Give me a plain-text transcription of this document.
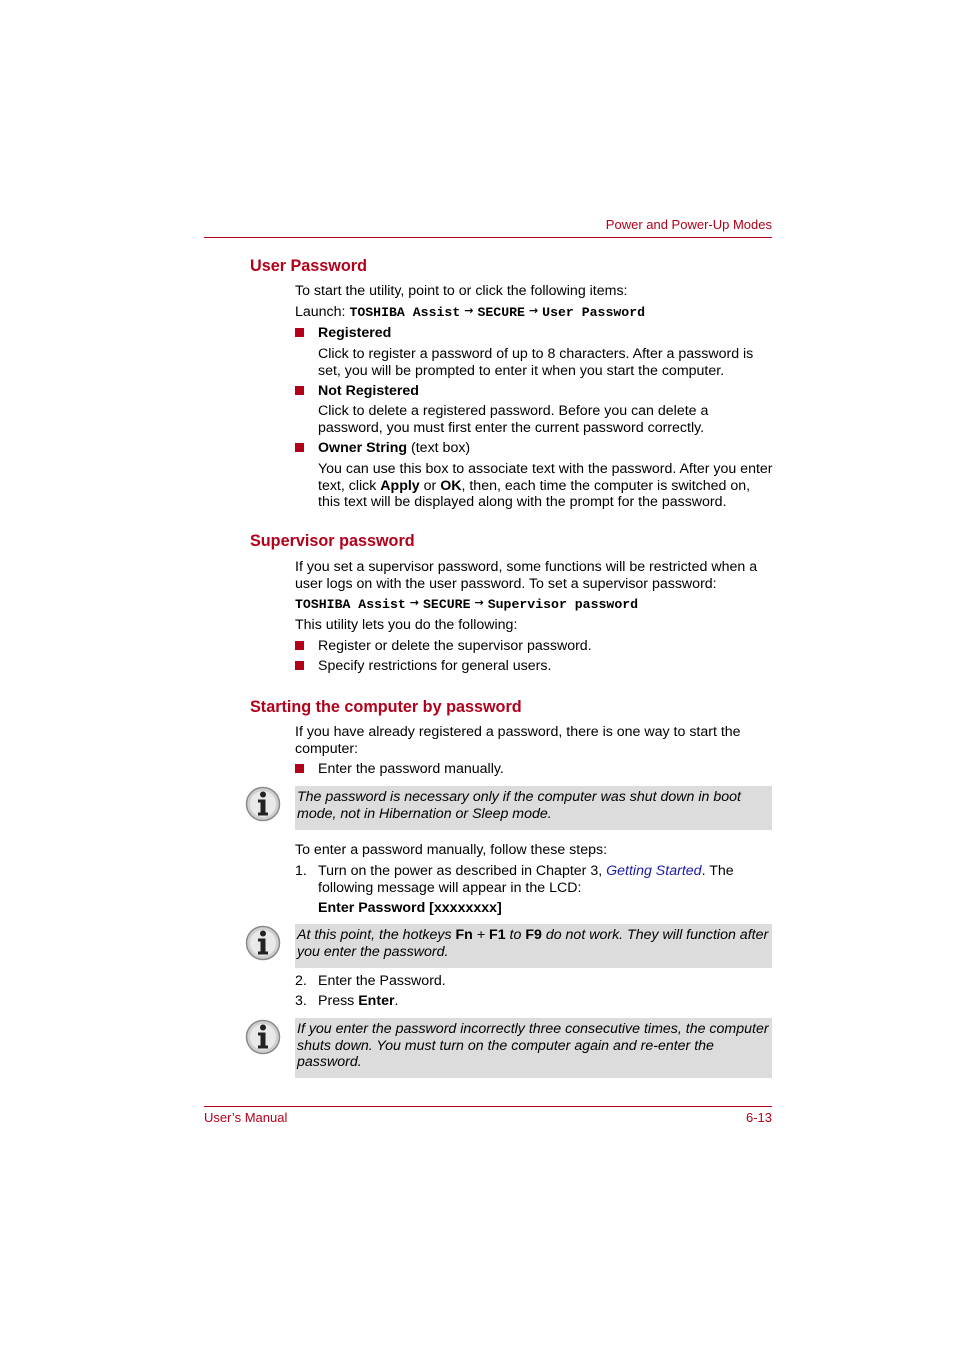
Power and Power-Up Modes
User Password
To start the utility, point to or click the following items:
Launch: TOSHIBA Assist → SECURE → User Password
Registered
Click to register a password of up to 8 characters. After a password is set, you will be prompted to enter it when you start the computer.
Not Registered
Click to delete a registered password. Before you can delete a password, you must first enter the current password correctly.
Owner String (text box)
You can use this box to associate text with the password. After you enter text, click Apply or OK, then, each time the computer is switched on, this text will be displayed along with the prompt for the password.
Supervisor password
If you set a supervisor password, some functions will be restricted when a user logs on with the user password. To set a supervisor password:
TOSHIBA Assist → SECURE → Supervisor password
This utility lets you do the following:
Register or delete the supervisor password.
Specify restrictions for general users.
Starting the computer by password
If you have already registered a password, there is one way to start the computer:
Enter the password manually.
The password is necessary only if the computer was shut down in boot mode, not in Hibernation or Sleep mode.
To enter a password manually, follow these steps:
1. Turn on the power as described in Chapter 3, Getting Started. The following message will appear in the LCD:
Enter Password [xxxxxxxx]
At this point, the hotkeys Fn + F1 to F9 do not work. They will function after you enter the password.
2. Enter the Password.
3. Press Enter.
If you enter the password incorrectly three consecutive times, the computer shuts down. You must turn on the computer again and re-enter the password.
User’s Manual	6-13
